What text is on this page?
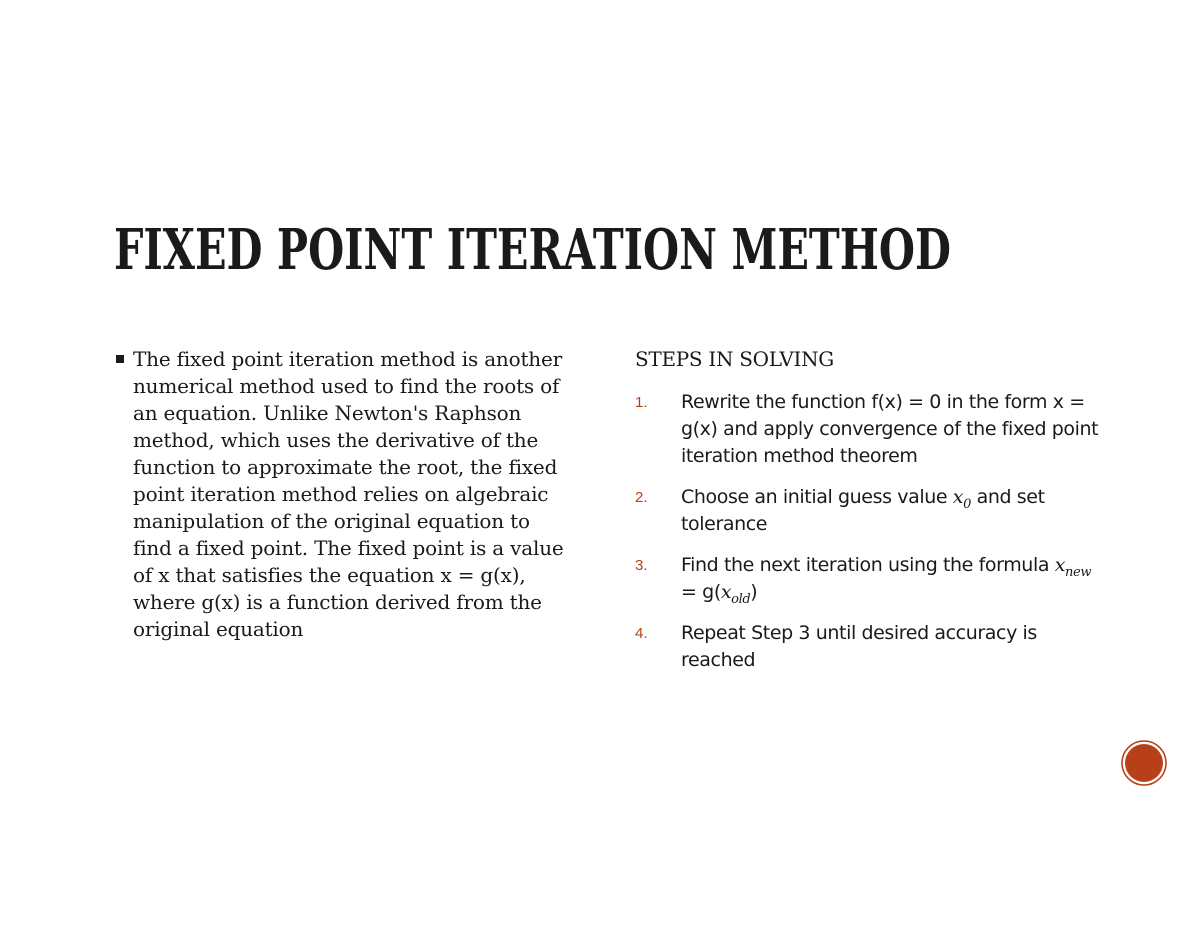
FIXED POINT ITERATION METHOD
The fixed point iteration method is another numerical method used to find the roots of an equation. Unlike Newton's Raphson method, which uses the derivative of the function to approximate the root, the fixed point iteration method relies on algebraic manipulation of the original equation to find a fixed point. The fixed point is a value of x that satisfies the equation x = g(x), where g(x) is a function derived from the original equation
STEPS IN SOLVING
1.	Rewrite the function f(x) = 0 in the form x = g(x) and apply convergence of the fixed point iteration method theorem
2.	Choose an initial guess value $x_0$ and set tolerance
3.	Find the next iteration using the formula $x_{new} = g(x_{old})$
4.	Repeat Step 3 until desired accuracy is reached
